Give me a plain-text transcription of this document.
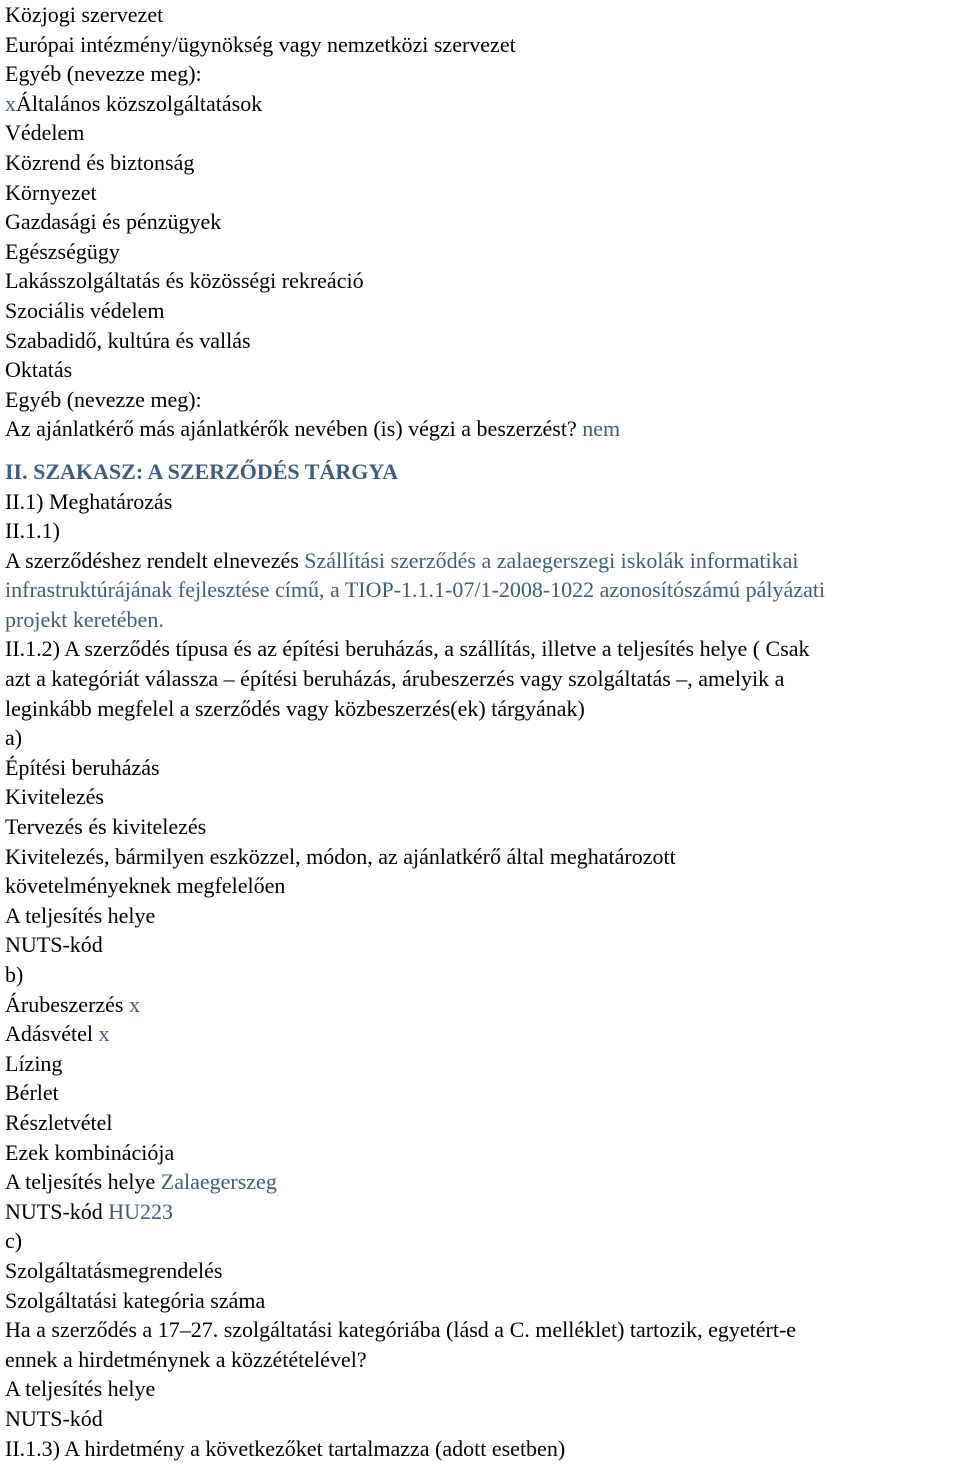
Közjogi szervezet
Európai intézmény/ügynökség vagy nemzetközi szervezet
Egyéb (nevezze meg):
xÁltalános közszolgáltatások
Védelem
Közrend és biztonság
Környezet
Gazdasági és pénzügyek
Egészségügy
Lakásszolgáltatás és közösségi rekreáció
Szociális védelem
Szabadidő, kultúra és vallás
Oktatás
Egyéb (nevezze meg):
Az ajánlatkérő más ajánlatkérők nevében (is) végzi a beszerzést? nem
II. SZAKASZ: A SZERZŐDÉS TÁRGYA
II.1) Meghatározás
II.1.1)
A szerződéshez rendelt elnevezés Szállítási szerződés a zalaegerszegi iskolák informatikai
infrastruktúrájának fejlesztése című, a TIOP-1.1.1-07/1-2008-1022 azonosítószámú pályázati
projekt keretében.
II.1.2) A szerződés típusa és az építési beruházás, a szállítás, illetve a teljesítés helye ( Csak
azt a kategóriát válassza – építési beruházás, árubeszerzés vagy szolgáltatás –, amelyik a
leginkább megfelel a szerződés vagy közbeszerzés(ek) tárgyának)
a)
Építési beruházás
Kivitelezés
Tervezés és kivitelezés
Kivitelezés, bármilyen eszközzel, módon, az ajánlatkérő által meghatározott
követelményeknek megfelelően
A teljesítés helye
NUTS-kód
b)
Árubeszerzés x
Adásvétel x
Lízing
Bérlet
Részletvétel
Ezek kombinációja
A teljesítés helye Zalaegerszeg
NUTS-kód HU223
c)
Szolgáltatásmegrendelés
Szolgáltatási kategória száma
Ha a szerződés a 17–27. szolgáltatási kategóriába (lásd a C. melléklet) tartozik, egyetért-e
ennek a hirdetménynek a közzétételével?
A teljesítés helye
NUTS-kód
II.1.3) A hirdetmény a következőket tartalmazza (adott esetben)
